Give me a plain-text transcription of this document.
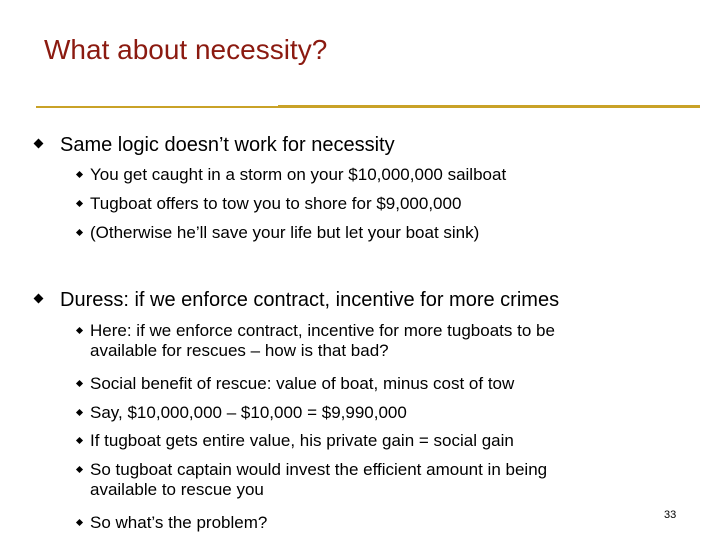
What about necessity?
Same logic doesn’t work for necessity
You get caught in a storm on your $10,000,000 sailboat
Tugboat offers to tow you to shore for $9,000,000
(Otherwise he’ll save your life but let your boat sink)
Duress: if we enforce contract, incentive for more crimes
Here: if we enforce contract, incentive for more tugboats to be
available for rescues – how is that bad?
Social benefit of rescue: value of boat, minus cost of tow
Say, $10,000,000 – $10,000 = $9,990,000
If tugboat gets entire value, his private gain = social gain
So tugboat captain would invest the efficient amount in being
available to rescue you
So what’s the problem?	33
